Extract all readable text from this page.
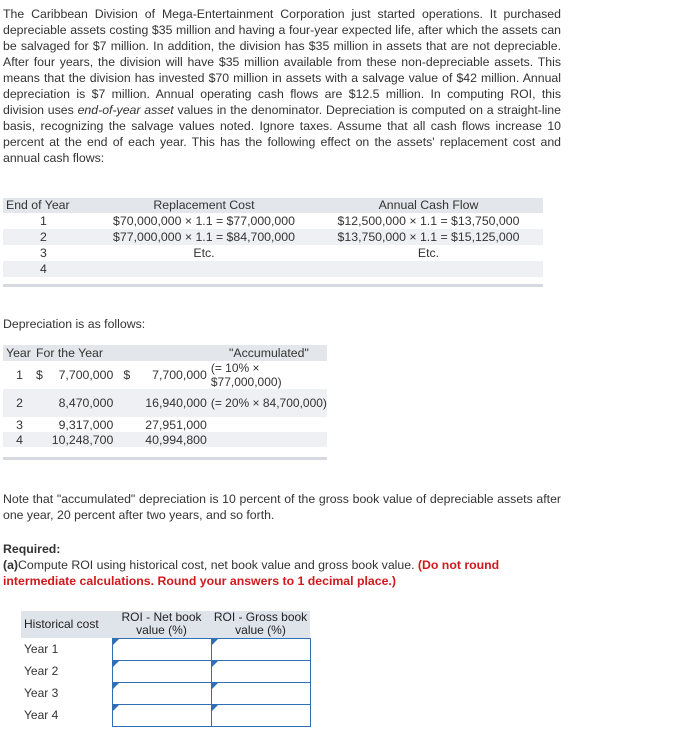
The Caribbean Division of Mega-Entertainment Corporation just started operations. It purchased depreciable assets costing $35 million and having a four-year expected life, after which the assets can be salvaged for $7 million. In addition, the division has $35 million in assets that are not depreciable. After four years, the division will have $35 million available from these non-depreciable assets. This means that the division has invested $70 million in assets with a salvage value of $42 million. Annual depreciation is $7 million. Annual operating cash flows are $12.5 million. In computing ROI, this division uses end-of-year asset values in the denominator. Depreciation is computed on a straight-line basis, recognizing the salvage values noted. Ignore taxes. Assume that all cash flows increase 10 percent at the end of each year. This has the following effect on the assets' replacement cost and annual cash flows:

End of Year	Replacement Cost	Annual Cash Flow
1	$70,000,000 × 1.1 = $77,000,000	$12,500,000 × 1.1 = $13,750,000
2	$77,000,000 × 1.1 = $84,700,000	$13,750,000 × 1.1 = $15,125,000
3	Etc.	Etc.
4		

Depreciation is as follows:

Year	For the Year				"Accumulated"
1	$	7,700,000	$	7,700,000	(= 10% × $77,000,000)
2		8,470,000		16,940,000	(= 20% × 84,700,000)
3		9,317,000		27,951,000	
4		10,248,700		40,994,800	

Note that "accumulated" depreciation is 10 percent of the gross book value of depreciable assets after one year, 20 percent after two years, and so forth.

Required:

(a)Compute ROI using historical cost, net book value and gross book value. (Do not round intermediate calculations. Round your answers to 1 decimal place.)

Historical cost	ROI - Net book value (%)	ROI - Gross book value (%)
Year 1	

Year 2	

Year 3	

Year 4	
